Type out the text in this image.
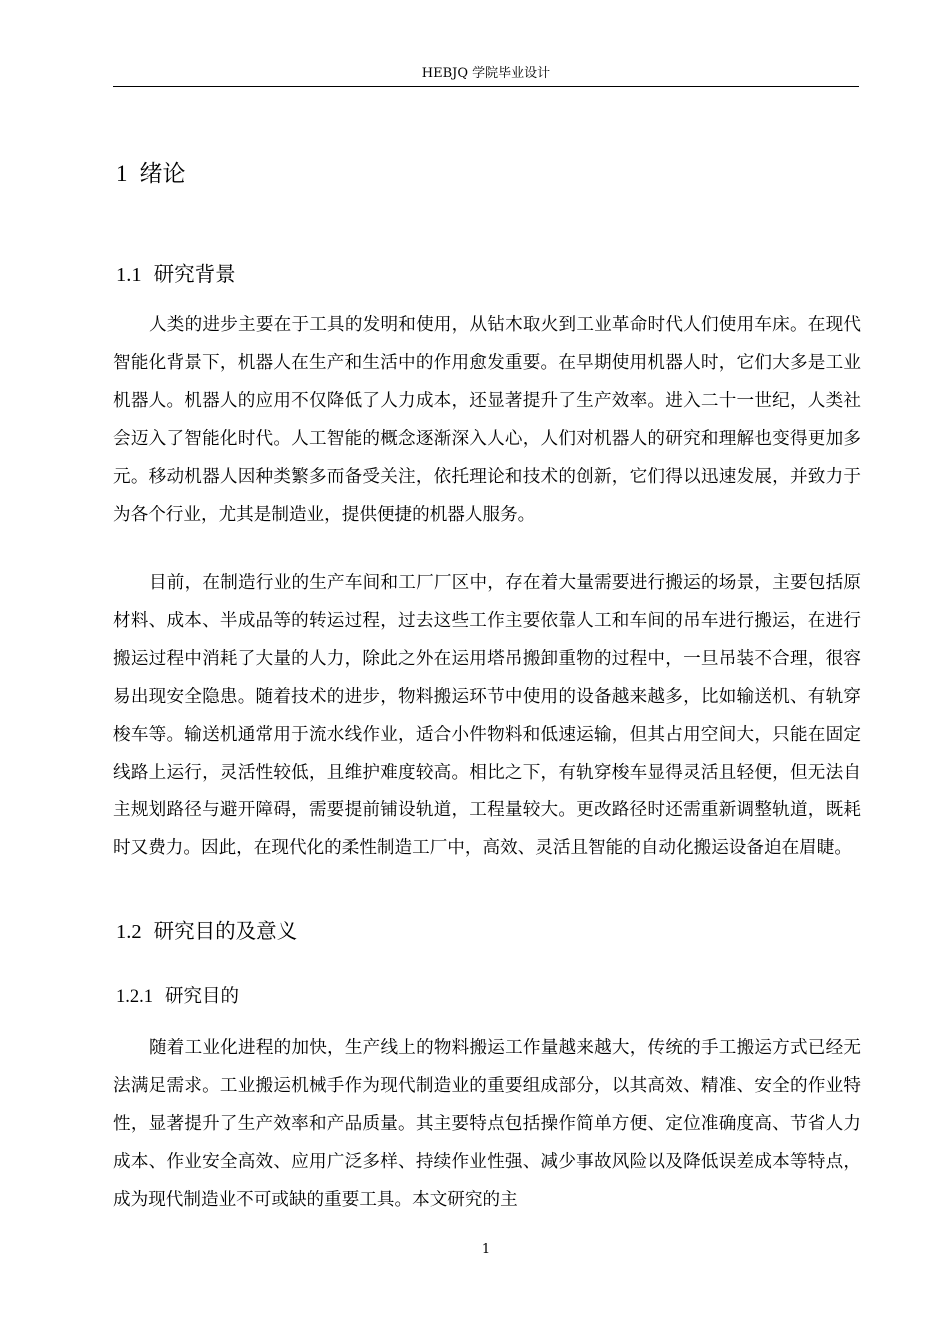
HEBJQ 学院毕业设计
1 绪论
1.1 研究背景

人类的进步主要在于工具的发明和使用，从钻木取火到工业革命时代人们使用车床。在现代智能化背景下，机器人在生产和生活中的作用愈发重要。在早期使用机器人时，它们大多是工业机器人。机器人的应用不仅降低了人力成本，还显著提升了生产效率。进入二十一世纪，人类社会迈入了智能化时代。人工智能的概念逐渐深入人心，人们对机器人的研究和理解也变得更加多元。移动机器人因种类繁多而备受关注，依托理论和技术的创新，它们得以迅速发展，并致力于为各个行业，尤其是制造业，提供便捷的机器人服务。

目前，在制造行业的生产车间和工厂厂区中，存在着大量需要进行搬运的场景，主要包括原材料、成本、半成品等的转运过程，过去这些工作主要依靠人工和车间的吊车进行搬运，在进行搬运过程中消耗了大量的人力，除此之外在运用塔吊搬卸重物的过程中，一旦吊装不合理，很容易出现安全隐患。随着技术的进步，物料搬运环节中使用的设备越来越多，比如输送机、有轨穿梭车等。输送机通常用于流水线作业，适合小件物料和低速运输，但其占用空间大，只能在固定线路上运行，灵活性较低，且维护难度较高。相比之下，有轨穿梭车显得灵活且轻便，但无法自主规划路径与避开障碍，需要提前铺设轨道，工程量较大。更改路径时还需重新调整轨道，既耗时又费力。因此，在现代化的柔性制造工厂中，高效、灵活且智能的自动化搬运设备迫在眉睫。

1.2 研究目的及意义
1.2.1 研究目的

随着工业化进程的加快，生产线上的物料搬运工作量越来越大，传统的手工搬运方式已经无法满足需求。工业搬运机械手作为现代制造业的重要组成部分，以其高效、精准、安全的作业特性，显著提升了生产效率和产品质量。其主要特点包括操作简单方便、定位准确度高、节省人力成本、作业安全高效、应用广泛多样、持续作业性强、减少事故风险以及降低误差成本等特点，成为现代制造业不可或缺的重要工具。本文研究的主

1
